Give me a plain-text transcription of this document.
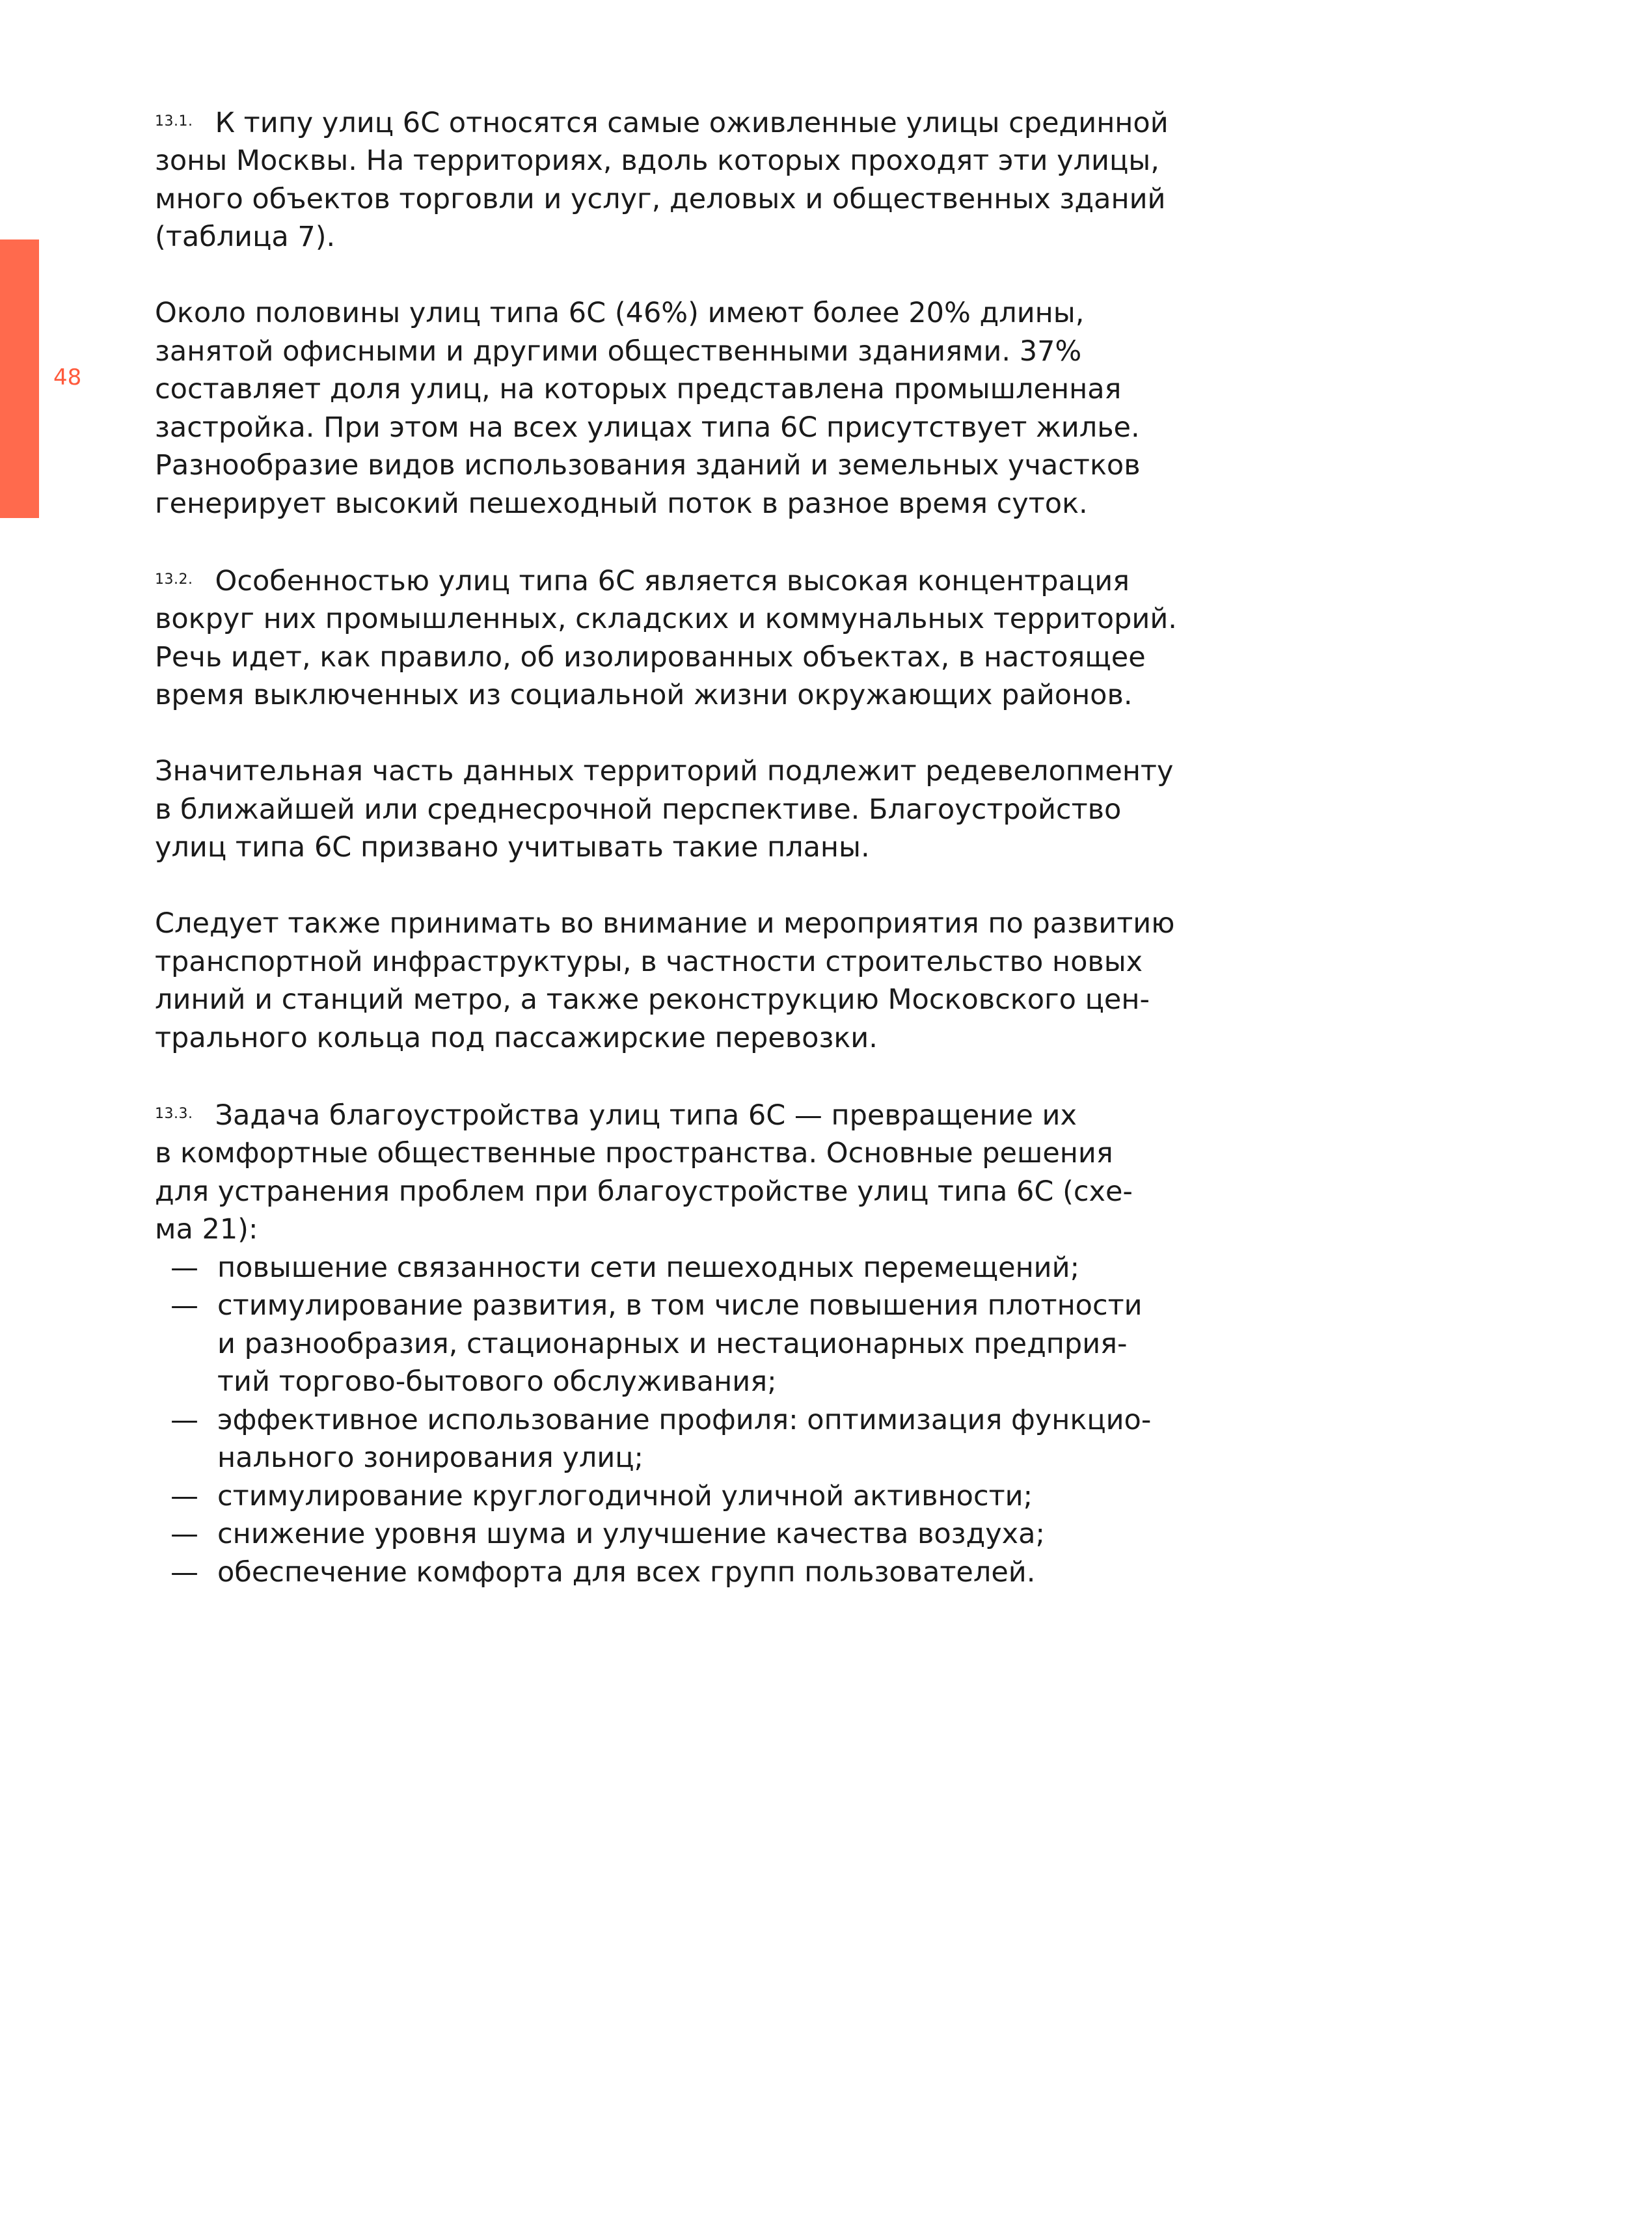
48
13.1. К типу улиц 6С относятся самые оживленные улицы срединной
зоны Москвы. На территориях, вдоль которых проходят эти улицы,
много объектов торговли и услуг, деловых и общественных зданий
(таблица 7).
Около половины улиц типа 6С (46%) имеют более 20% длины,
занятой офисными и другими общественными зданиями. 37%
составляет доля улиц, на которых представлена промышленная
застройка. При этом на всех улицах типа 6С присутствует жилье.
Разнообразие видов использования зданий и земельных участков
генерирует высокий пешеходный поток в разное время суток.
13.2. Особенностью улиц типа 6С является высокая концентрация
вокруг них промышленных, складских и коммунальных территорий.
Речь идет, как правило, об изолированных объектах, в настоящее
время выключенных из социальной жизни окружающих районов.
Значительная часть данных территорий подлежит редевелопменту
в ближайшей или среднесрочной перспективе. Благоустройство
улиц типа 6С призвано учитывать такие планы.
Следует также принимать во внимание и мероприятия по развитию
транспортной инфраструктуры, в частности строительство новых
линий и станций метро, а также реконструкцию Московского цен-
трального кольца под пассажирские перевозки.
13.3. Задача благоустройства улиц типа 6С — превращение их
в комфортные общественные пространства. Основные решения
для устранения проблем при благоустройстве улиц типа 6С (схе-
ма 21):
— повышение связанности сети пешеходных перемещений;
— стимулирование развития, в том числе повышения плотности
и разнообразия, стационарных и нестационарных предприя-
тий торгово-бытового обслуживания;
— эффективное использование профиля: оптимизация функцио-
нального зонирования улиц;
— стимулирование круглогодичной уличной активности;
— снижение уровня шума и улучшение качества воздуха;
— обеспечение комфорта для всех групп пользователей.
